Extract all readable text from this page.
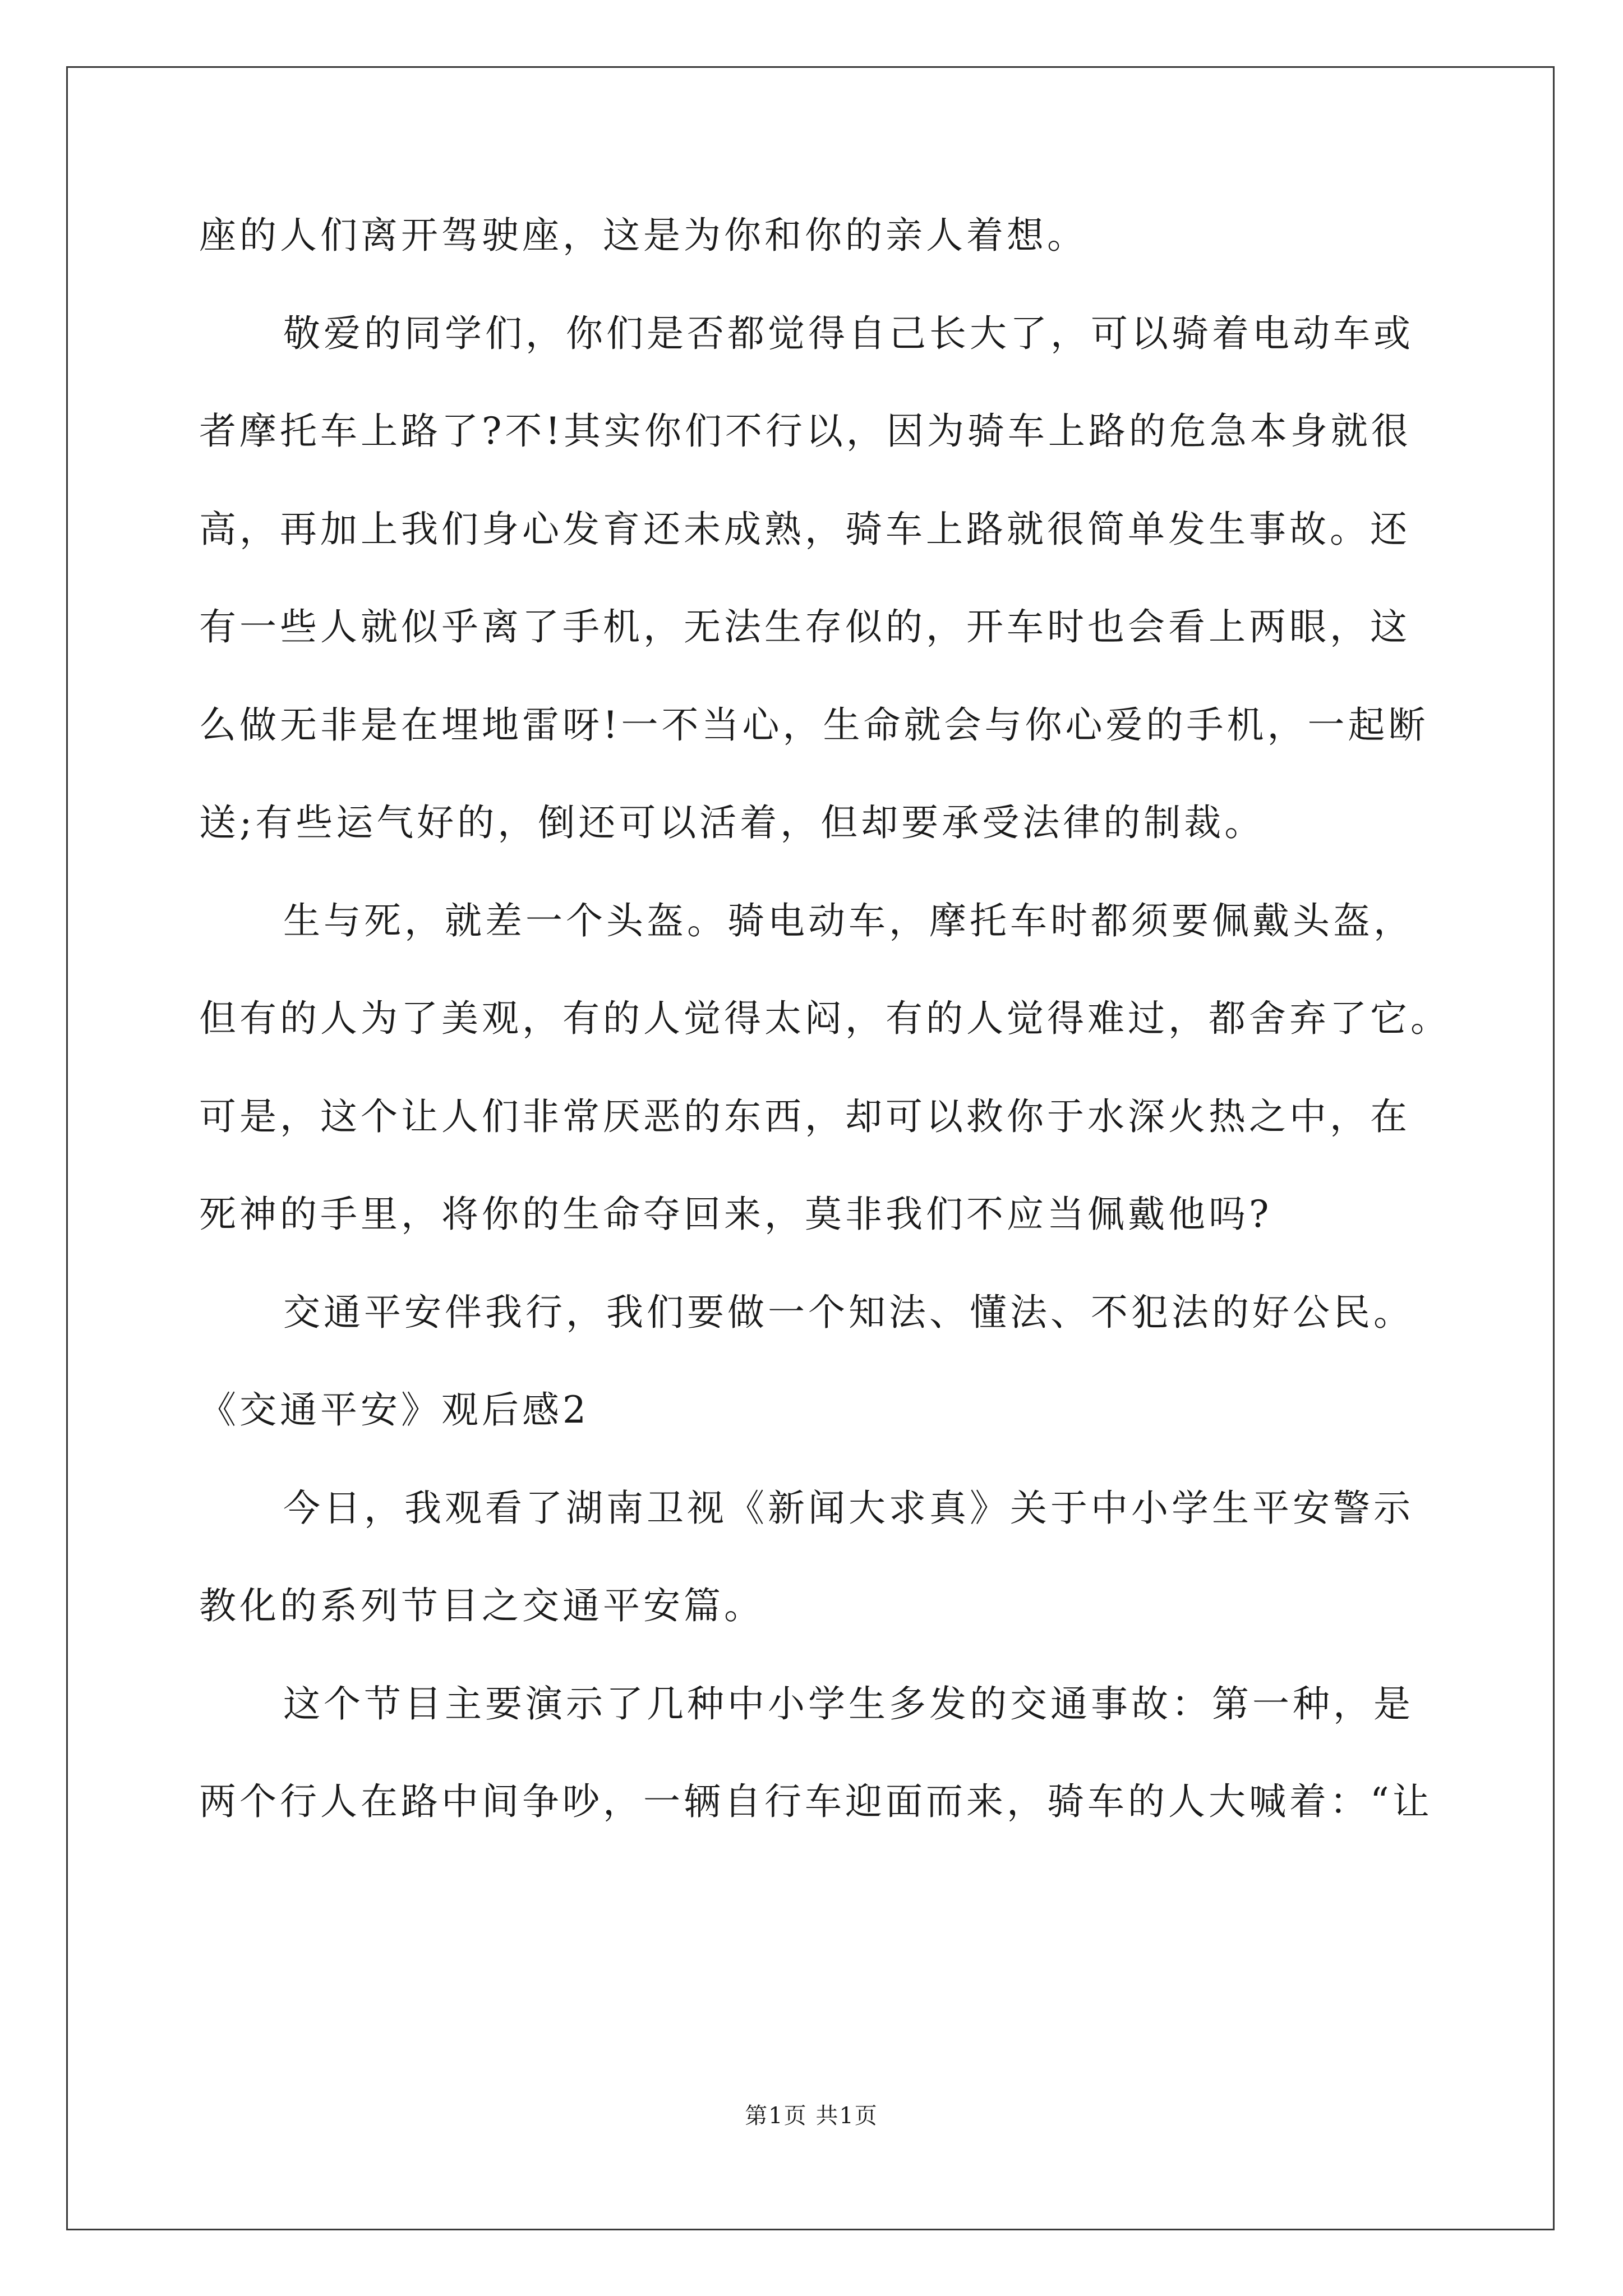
座的人们离开驾驶座，这是为你和你的亲人着想。
敬爱的同学们，你们是否都觉得自己长大了，可以骑着电动车或
者摩托车上路了?不!其实你们不行以，因为骑车上路的危急本身就很
高，再加上我们身心发育还未成熟，骑车上路就很简单发生事故。还
有一些人就似乎离了手机，无法生存似的，开车时也会看上两眼，这
么做无非是在埋地雷呀!一不当心，生命就会与你心爱的手机，一起断
送;有些运气好的，倒还可以活着，但却要承受法律的制裁。
生与死，就差一个头盔。骑电动车，摩托车时都须要佩戴头盔，
但有的人为了美观，有的人觉得太闷，有的人觉得难过，都舍弃了它。
可是，这个让人们非常厌恶的东西，却可以救你于水深火热之中，在
死神的手里，将你的生命夺回来，莫非我们不应当佩戴他吗?
交通平安伴我行，我们要做一个知法、懂法、不犯法的好公民。
《交通平安》观后感2
今日，我观看了湖南卫视《新闻大求真》关于中小学生平安警示
教化的系列节目之交通平安篇。
这个节目主要演示了几种中小学生多发的交通事故：第一种，是
两个行人在路中间争吵，一辆自行车迎面而来，骑车的人大喊着：“让
第1页 共1页
